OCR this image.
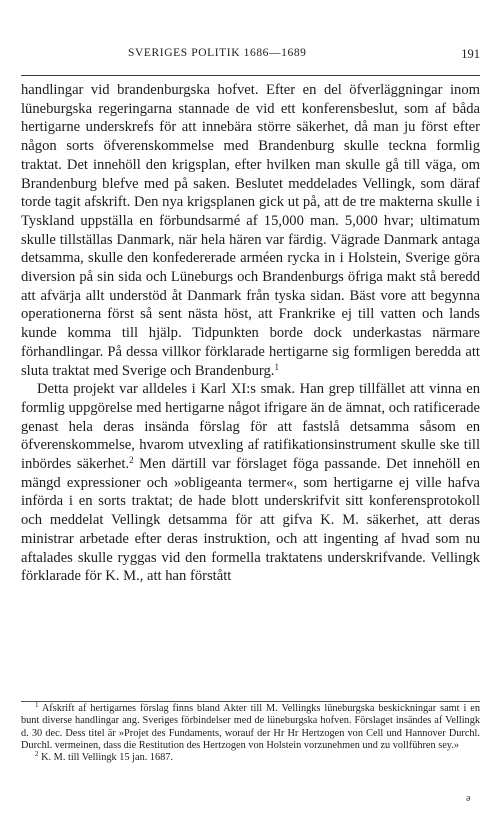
SVERIGES POLITIK 1686—1689	191

handlingar vid brandenburgska hofvet. Efter en del öfverläggningar inom lüneburgska regeringarna stannade de vid ett konferensbeslut, som af båda hertigarne underskrefs för att innebära större säkerhet, då man ju först efter någon sorts öfverenskommelse med Brandenburg skulle teckna formlig traktat. Det innehöll den krigsplan, efter hvilken man skulle gå till väga, om Brandenburg blefve med på saken. Beslutet meddelades Vellingk, som däraf torde tagit afskrift. Den nya krigsplanen gick ut på, att de tre makterna skulle i Tyskland uppställa en förbundsarmé af 15,000 man. 5,000 hvar; ultimatum skulle tillställas Danmark, när hela hären var färdig. Vägrade Danmark antaga detsamma, skulle den konfedererade arméen rycka in i Holstein, Sverige göra diversion på sin sida och Lüneburgs och Brandenburgs öfriga makt stå beredd att afvärja allt understöd åt Danmark från tyska sidan. Bäst vore att begynna operationerna först så sent nästa höst, att Frankrike ej till vatten och lands kunde komma till hjälp. Tidpunkten borde dock underkastas närmare förhandlingar. På dessa villkor förklarade hertigarne sig formligen beredda att sluta traktat med Sverige och Brandenburg.$^1$

Detta projekt var alldeles i Karl XI:s smak. Han grep tillfället att vinna en formlig uppgörelse med hertigarne något ifrigare än de ämnat, och ratificerade genast hela deras insända förslag för att fastslå detsamma såsom en öfverenskommelse, hvarom utvexling af ratifikationsinstrument skulle ske till inbördes säkerhet.$^2$ Men därtill var förslaget föga passande. Det innehöll en mängd expressioner och »obligeanta termer«, som hertigarne ej ville hafva införda i en sorts traktat; de hade blott underskrifvit sitt konferensprotokoll och meddelat Vellingk detsamma för att gifva K. M. säkerhet, att deras ministrar arbetade efter deras instruktion, och att ingenting af hvad som nu aftalades skulle ryggas vid den formella traktatens underskrifvande. Vellingk förklarade för K. M., att han förstått

$^1$ Afskrift af hertigarnes förslag finns bland Akter till M. Vellingks lüneburgska beskickningar samt i en bunt diverse handlingar ang. Sveriges förbindelser med de lüneburgska hofven. Förslaget insändes af Vellingk d. 30 dec. Dess titel är »Projet des Fundaments, worauf der Hr Hr Hertzogen von Cell und Hannover Durchl. Durchl. vermeinen, dass die Restitution des Hertzogen von Holstein vorzunehmen und zu vollführen sey.»

$^2$ K. M. till Vellingk 15 jan. 1687.

ǝ
